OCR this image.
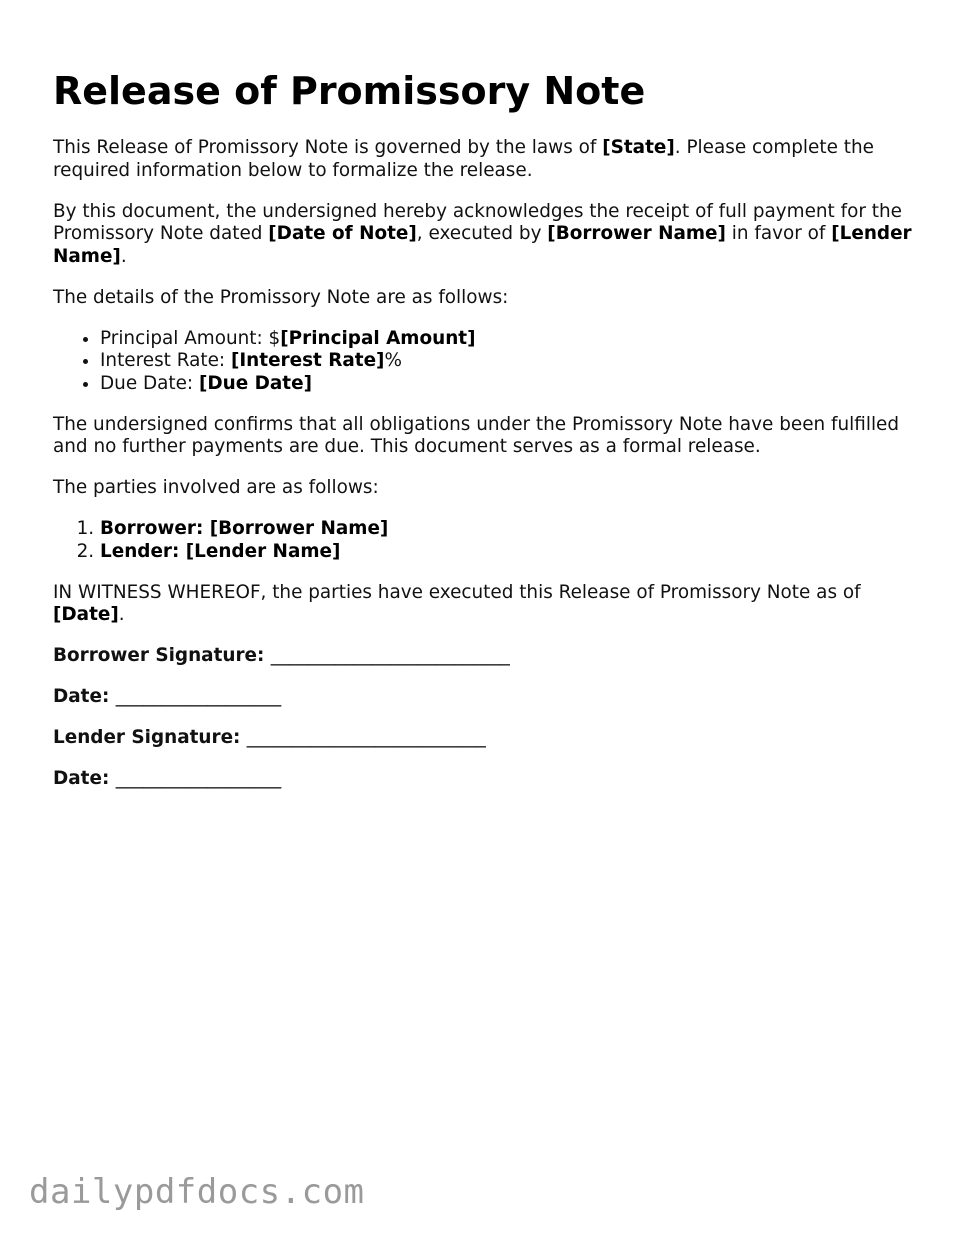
Release of Promissory Note

This Release of Promissory Note is governed by the laws of [State]. Please complete the required information below to formalize the release.

By this document, the undersigned hereby acknowledges the receipt of full payment for the Promissory Note dated [Date of Note], executed by [Borrower Name] in favor of [Lender Name].

The details of the Promissory Note are as follows:

• Principal Amount: $[Principal Amount]
• Interest Rate: [Interest Rate]%
• Due Date: [Due Date]

The undersigned confirms that all obligations under the Promissory Note have been fulfilled and no further payments are due. This document serves as a formal release.

The parties involved are as follows:

1. Borrower: [Borrower Name]
2. Lender: [Lender Name]

IN WITNESS WHEREOF, the parties have executed this Release of Promissory Note as of [Date].

Borrower Signature: __________________________

Date: __________________

Lender Signature: __________________________

Date: __________________

dailypdfdocs.com
